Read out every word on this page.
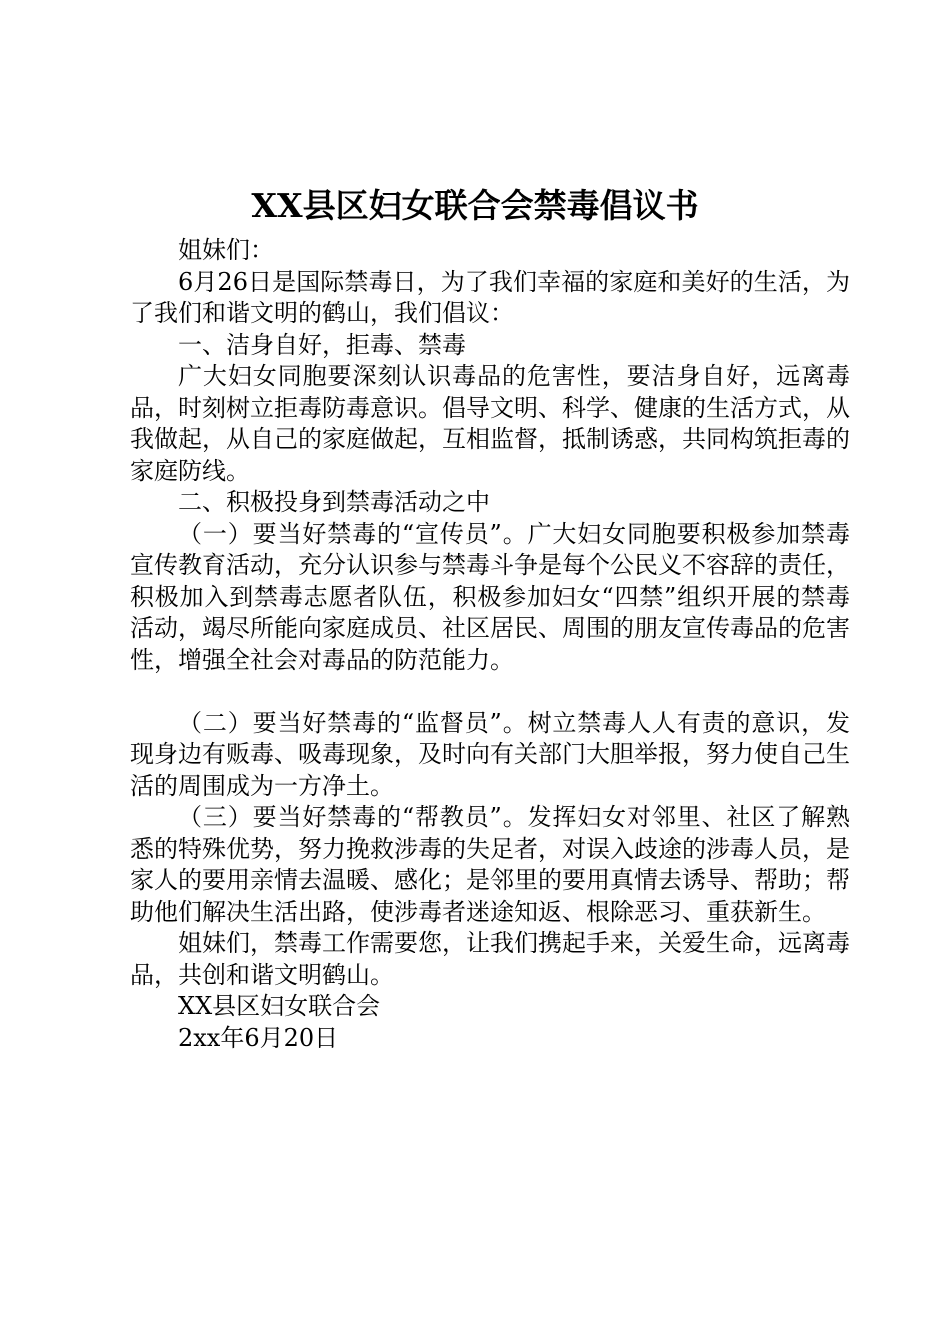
XX县区妇女联合会禁毒倡议书

姐妹们：

6月26日是国际禁毒日，为了我们幸福的家庭和美好的生活，为了我们和谐文明的鹤山，我们倡议：

一、洁身自好，拒毒、禁毒

广大妇女同胞要深刻认识毒品的危害性，要洁身自好，远离毒品，时刻树立拒毒防毒意识。倡导文明、科学、健康的生活方式，从我做起，从自己的家庭做起，互相监督，抵制诱惑，共同构筑拒毒的家庭防线。

二、积极投身到禁毒活动之中

（一）要当好禁毒的“宣传员”。广大妇女同胞要积极参加禁毒宣传教育活动，充分认识参与禁毒斗争是每个公民义不容辞的责任，积极加入到禁毒志愿者队伍，积极参加妇女“四禁”组织开展的禁毒活动，竭尽所能向家庭成员、社区居民、周围的朋友宣传毒品的危害性，增强全社会对毒品的防范能力。

（二）要当好禁毒的“监督员”。树立禁毒人人有责的意识，发现身边有贩毒、吸毒现象，及时向有关部门大胆举报，努力使自己生活的周围成为一方净土。

（三）要当好禁毒的“帮教员”。发挥妇女对邻里、社区了解熟悉的特殊优势，努力挽救涉毒的失足者，对误入歧途的涉毒人员，是家人的要用亲情去温暖、感化；是邻里的要用真情去诱导、帮助；帮助他们解决生活出路，使涉毒者迷途知返、根除恶习、重获新生。

姐妹们，禁毒工作需要您，让我们携起手来，关爱生命，远离毒品，共创和谐文明鹤山。

XX县区妇女联合会

2xx年6月20日
